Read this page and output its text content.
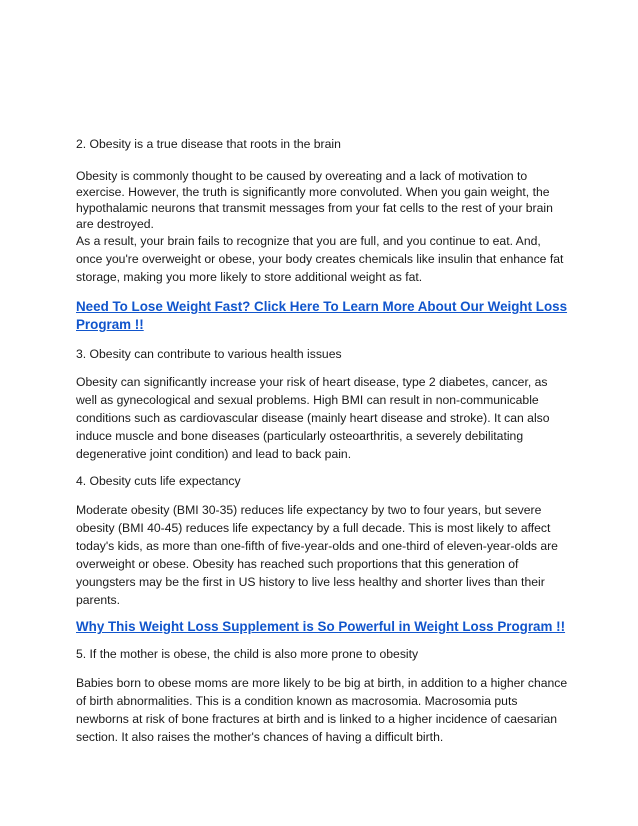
2. Obesity is a true disease that roots in the brain

Obesity is commonly thought to be caused by overeating and a lack of motivation to exercise. However, the truth is significantly more convoluted. When you gain weight, the hypothalamic neurons that transmit messages from your fat cells to the rest of your brain are destroyed.

As a result, your brain fails to recognize that you are full, and you continue to eat. And, once you're overweight or obese, your body creates chemicals like insulin that enhance fat storage, making you more likely to store additional weight as fat.

Need To Lose Weight Fast? Click Here To Learn More About Our Weight Loss Program !!

3. Obesity can contribute to various health issues

Obesity can significantly increase your risk of heart disease, type 2 diabetes, cancer, as well as gynecological and sexual problems. High BMI can result in non-communicable conditions such as cardiovascular disease (mainly heart disease and stroke). It can also induce muscle and bone diseases (particularly osteoarthritis, a severely debilitating degenerative joint condition) and lead to back pain.

4. Obesity cuts life expectancy

Moderate obesity (BMI 30-35) reduces life expectancy by two to four years, but severe obesity (BMI 40-45) reduces life expectancy by a full decade. This is most likely to affect today's kids, as more than one-fifth of five-year-olds and one-third of eleven-year-olds are overweight or obese. Obesity has reached such proportions that this generation of youngsters may be the first in US history to live less healthy and shorter lives than their parents.

Why This Weight Loss Supplement is So Powerful in Weight Loss Program !!

5. If the mother is obese, the child is also more prone to obesity

Babies born to obese moms are more likely to be big at birth, in addition to a higher chance of birth abnormalities. This is a condition known as macrosomia. Macrosomia puts newborns at risk of bone fractures at birth and is linked to a higher incidence of caesarian section. It also raises the mother's chances of having a difficult birth.
